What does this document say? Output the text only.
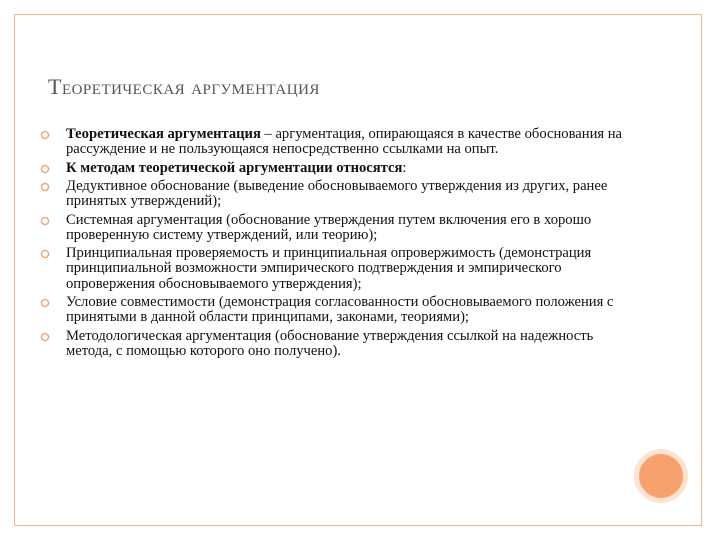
Теоретическая аргументация
Теоретическая аргументация – аргументация, опирающаяся в качестве обоснования на рассуждение и не пользующаяся непосредственно ссылками на опыт.
К методам теоретической аргументации относятся:
Дедуктивное обоснование (выведение обосновываемого утверждения из других, ранее принятых утверждений);
Системная аргументация (обоснование утверждения путем включения его в хорошо проверенную систему утверждений, или теорию);
Принципиальная проверяемость и принципиальная опровержимость (демонстрация принципиальной возможности эмпирического подтверждения и эмпирического опровержения обосновываемого утверждения);
Условие совместимости (демонстрация согласованности обосновываемого положения с принятыми в данной области принципами, законами, теориями);
Методологическая аргументация (обоснование утверждения ссылкой на надежность метода, с помощью которого оно получено).
